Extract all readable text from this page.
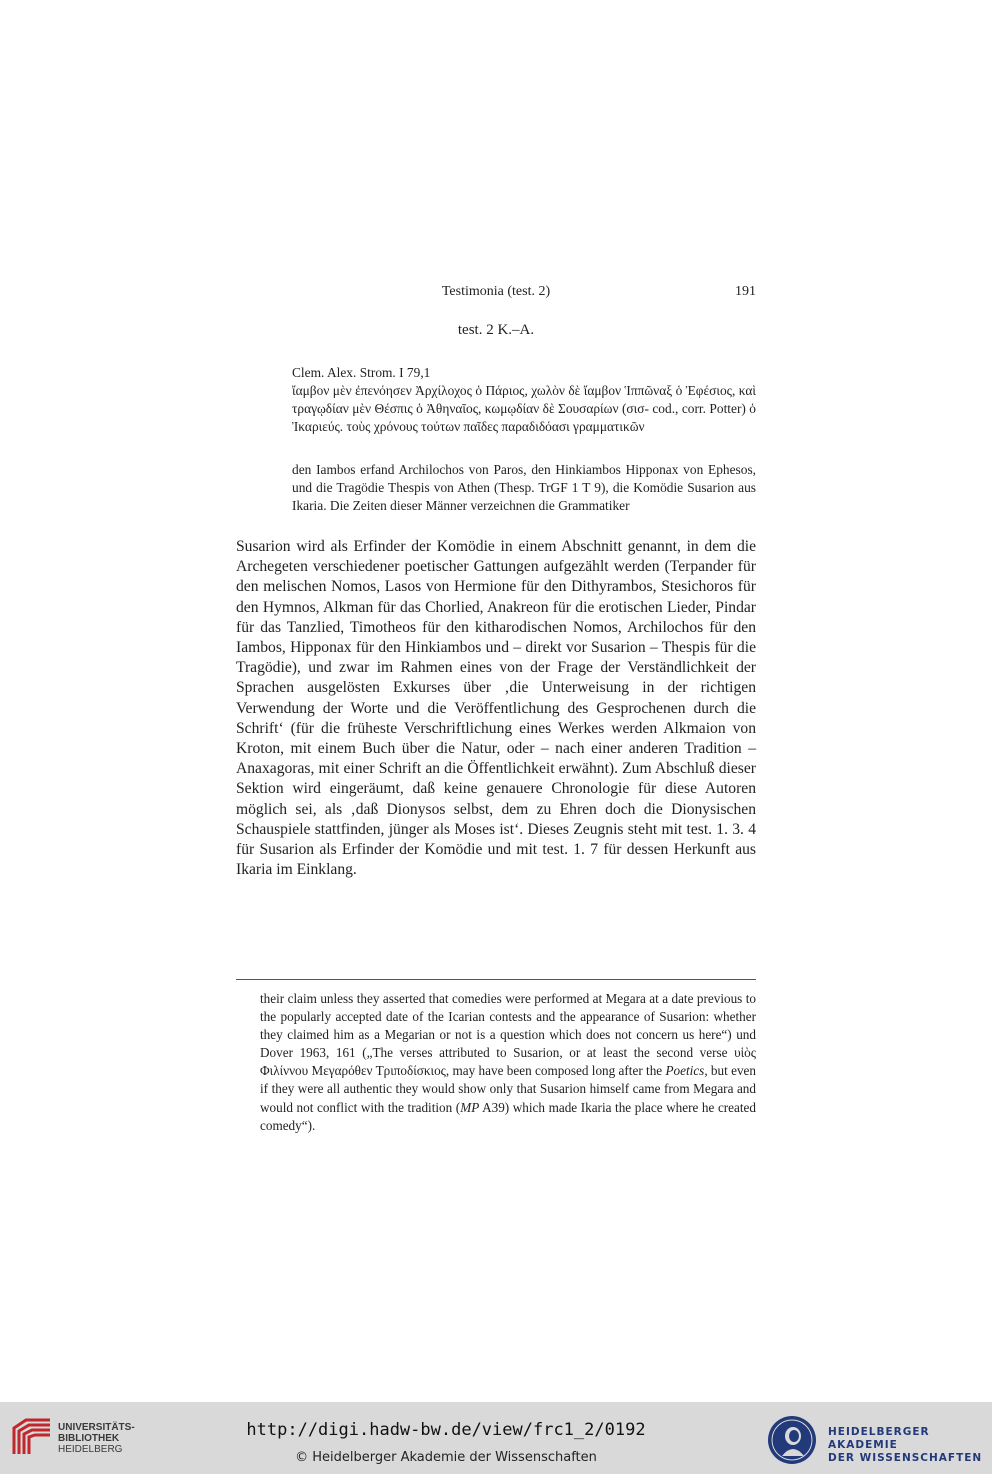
Testimonia (test. 2)	191
test. 2 K.–A.
Clem. Alex. Strom. I 79,1
ἴαμβον μὲν ἐπενόησεν Ἀρχίλοχος ὁ Πάριος, χωλὸν δὲ ἴαμβον Ἱππῶναξ ὁ Ἐφέσιος, καὶ τραγῳδίαν μὲν Θέσπις ὁ Ἀθηναῖος, κωμῳδίαν δὲ Σουσαρίων (σισ- cod., corr. Potter) ὁ Ἰκαριεύς. τοὺς χρόνους τούτων παῖδες παραδιδόασι γραμματικῶν
den Iambos erfand Archilochos von Paros, den Hinkiambos Hipponax von Ephesos, und die Tragödie Thespis von Athen (Thesp. TrGF 1 T 9), die Komödie Susarion aus Ikaria. Die Zeiten dieser Männer verzeichnen die Grammatiker
Susarion wird als Erfinder der Komödie in einem Abschnitt genannt, in dem die Archegeten verschiedener poetischer Gattungen aufgezählt werden (Terpander für den melischen Nomos, Lasos von Hermione für den Dithyrambos, Stesichoros für den Hymnos, Alkman für das Chorlied, Anakreon für die erotischen Lieder, Pindar für das Tanzlied, Timotheos für den kitharodischen Nomos, Archilochos für den Iambos, Hipponax für den Hinkiambos und – direkt vor Susarion – Thespis für die Tragödie), und zwar im Rahmen eines von der Frage der Verständlichkeit der Sprachen ausgelösten Exkurses über ‚die Unterweisung in der richtigen Verwendung der Worte und die Veröffentlichung des Gesprochenen durch die Schrift‘ (für die früheste Verschriftlichung eines Werkes werden Alkmaion von Kroton, mit einem Buch über die Natur, oder – nach einer anderen Tradition – Anaxagoras, mit einer Schrift an die Öffentlichkeit erwähnt). Zum Abschluß dieser Sektion wird eingeräumt, daß keine genauere Chronologie für diese Autoren möglich sei, als ‚daß Dionysos selbst, dem zu Ehren doch die Dionysischen Schauspiele stattfinden, jünger als Moses ist‘. Dieses Zeugnis steht mit test. 1. 3. 4 für Susarion als Erfinder der Komödie und mit test. 1. 7 für dessen Herkunft aus Ikaria im Einklang.
their claim unless they asserted that comedies were performed at Megara at a date previous to the popularly accepted date of the Icarian contests and the appearance of Susarion: whether they claimed him as a Megarian or not is a question which does not concern us here“) und Dover 1963, 161 („The verses attributed to Susarion, or at least the second verse υἱὸς Φιλίννου Μεγαρόθεν Τριποδίσκιος, may have been composed long after the Poetics, but even if they were all authentic they would show only that Susarion himself came from Megara and would not conflict with the tradition (MP A39) which made Ikaria the place where he created comedy“).
UNIVERSITÄTS-
BIBLIOTHEK
HEIDELBERG
http://digi.hadw-bw.de/view/frc1_2/0192
© Heidelberger Akademie der Wissenschaften
HEIDELBERGER AKADEMIE
DER WISSENSCHAFTEN
